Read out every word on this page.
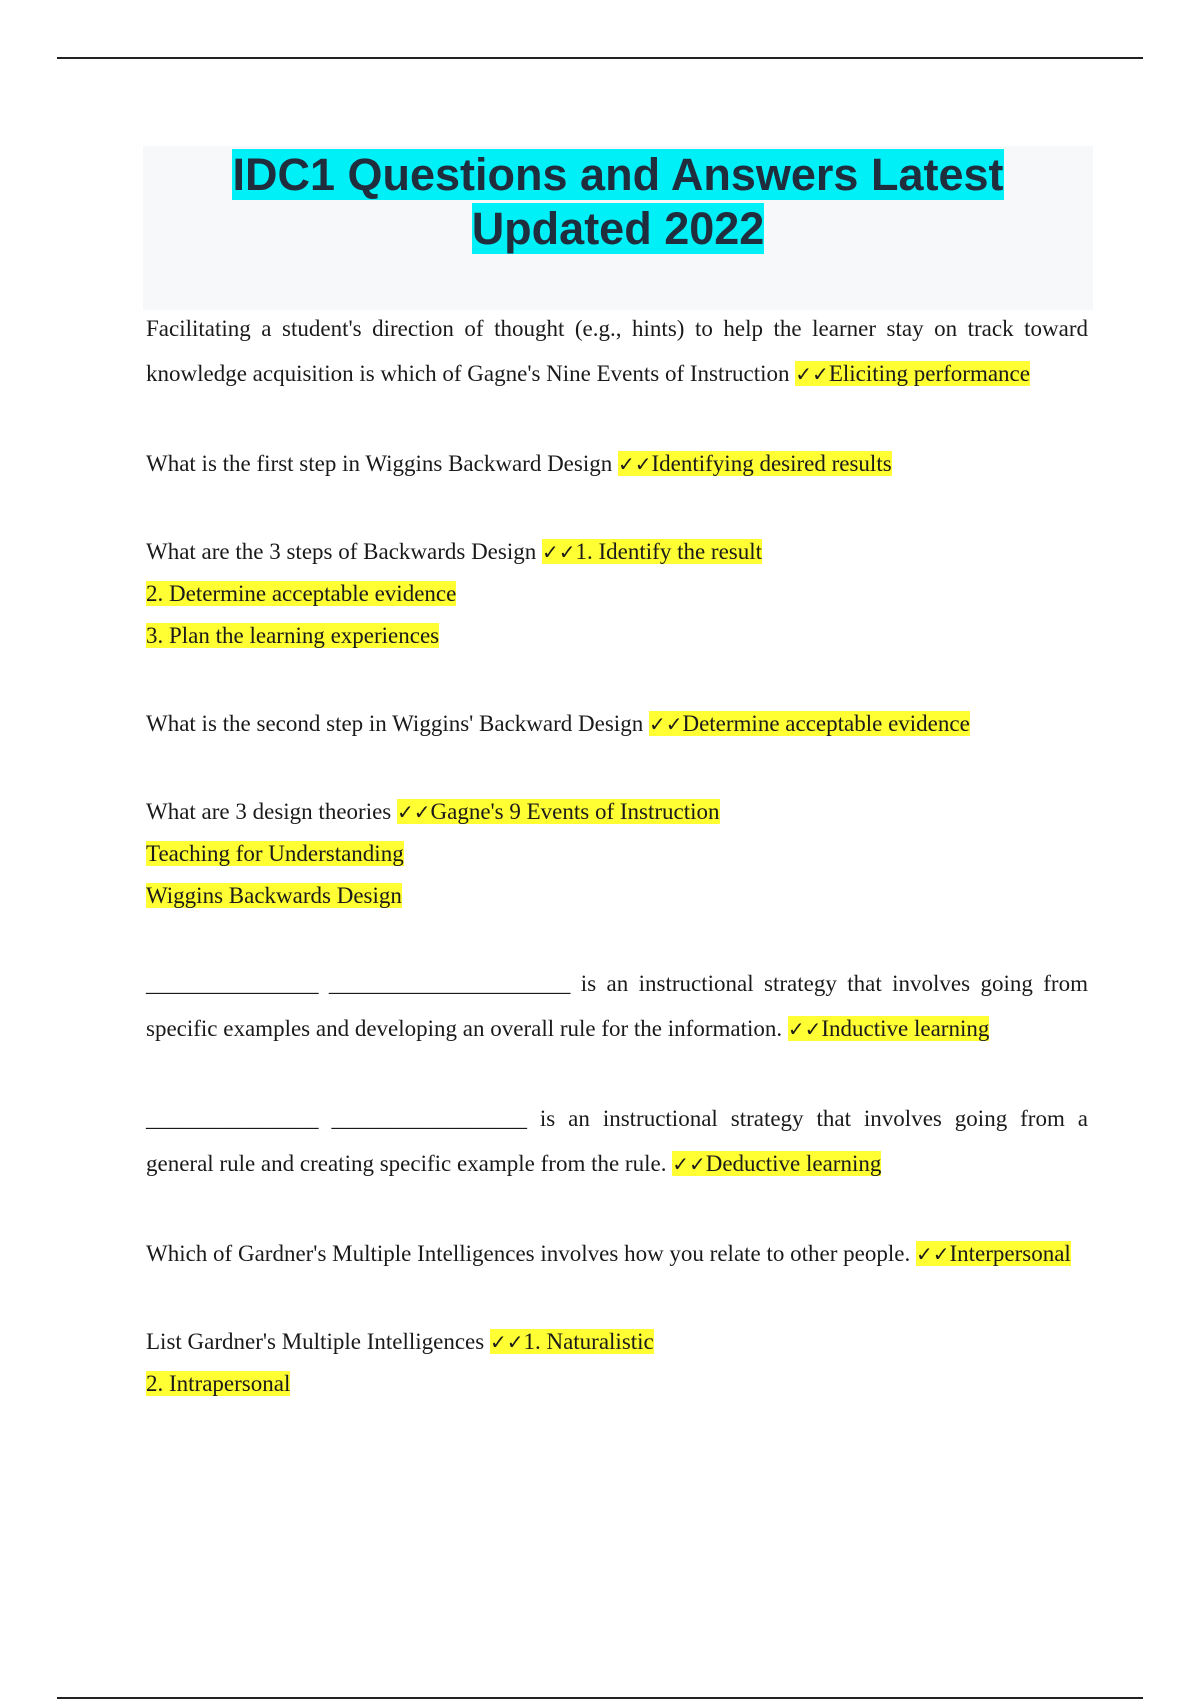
IDC1 Questions and Answers Latest
Updated 2022
Facilitating a student's direction of thought (e.g., hints) to help the learner stay on track toward knowledge acquisition is which of Gagne's Nine Events of Instruction ✓✓Eliciting performance
What is the first step in Wiggins Backward Design ✓✓Identifying desired results
What are the 3 steps of Backwards Design ✓✓1. Identify the result
2. Determine acceptable evidence
3. Plan the learning experiences
What is the second step in Wiggins' Backward Design ✓✓Determine acceptable evidence
What are 3 design theories ✓✓Gagne's 9 Events of Instruction
Teaching for Understanding
Wiggins Backwards Design
_______________ _____________________ is an instructional strategy that involves going from specific examples and developing an overall rule for the information. ✓✓Inductive learning
_______________ _________________ is an instructional strategy that involves going from a general rule and creating specific example from the rule. ✓✓Deductive learning
Which of Gardner's Multiple Intelligences involves how you relate to other people. ✓✓Interpersonal
List Gardner's Multiple Intelligences ✓✓1. Naturalistic
2. Intrapersonal
